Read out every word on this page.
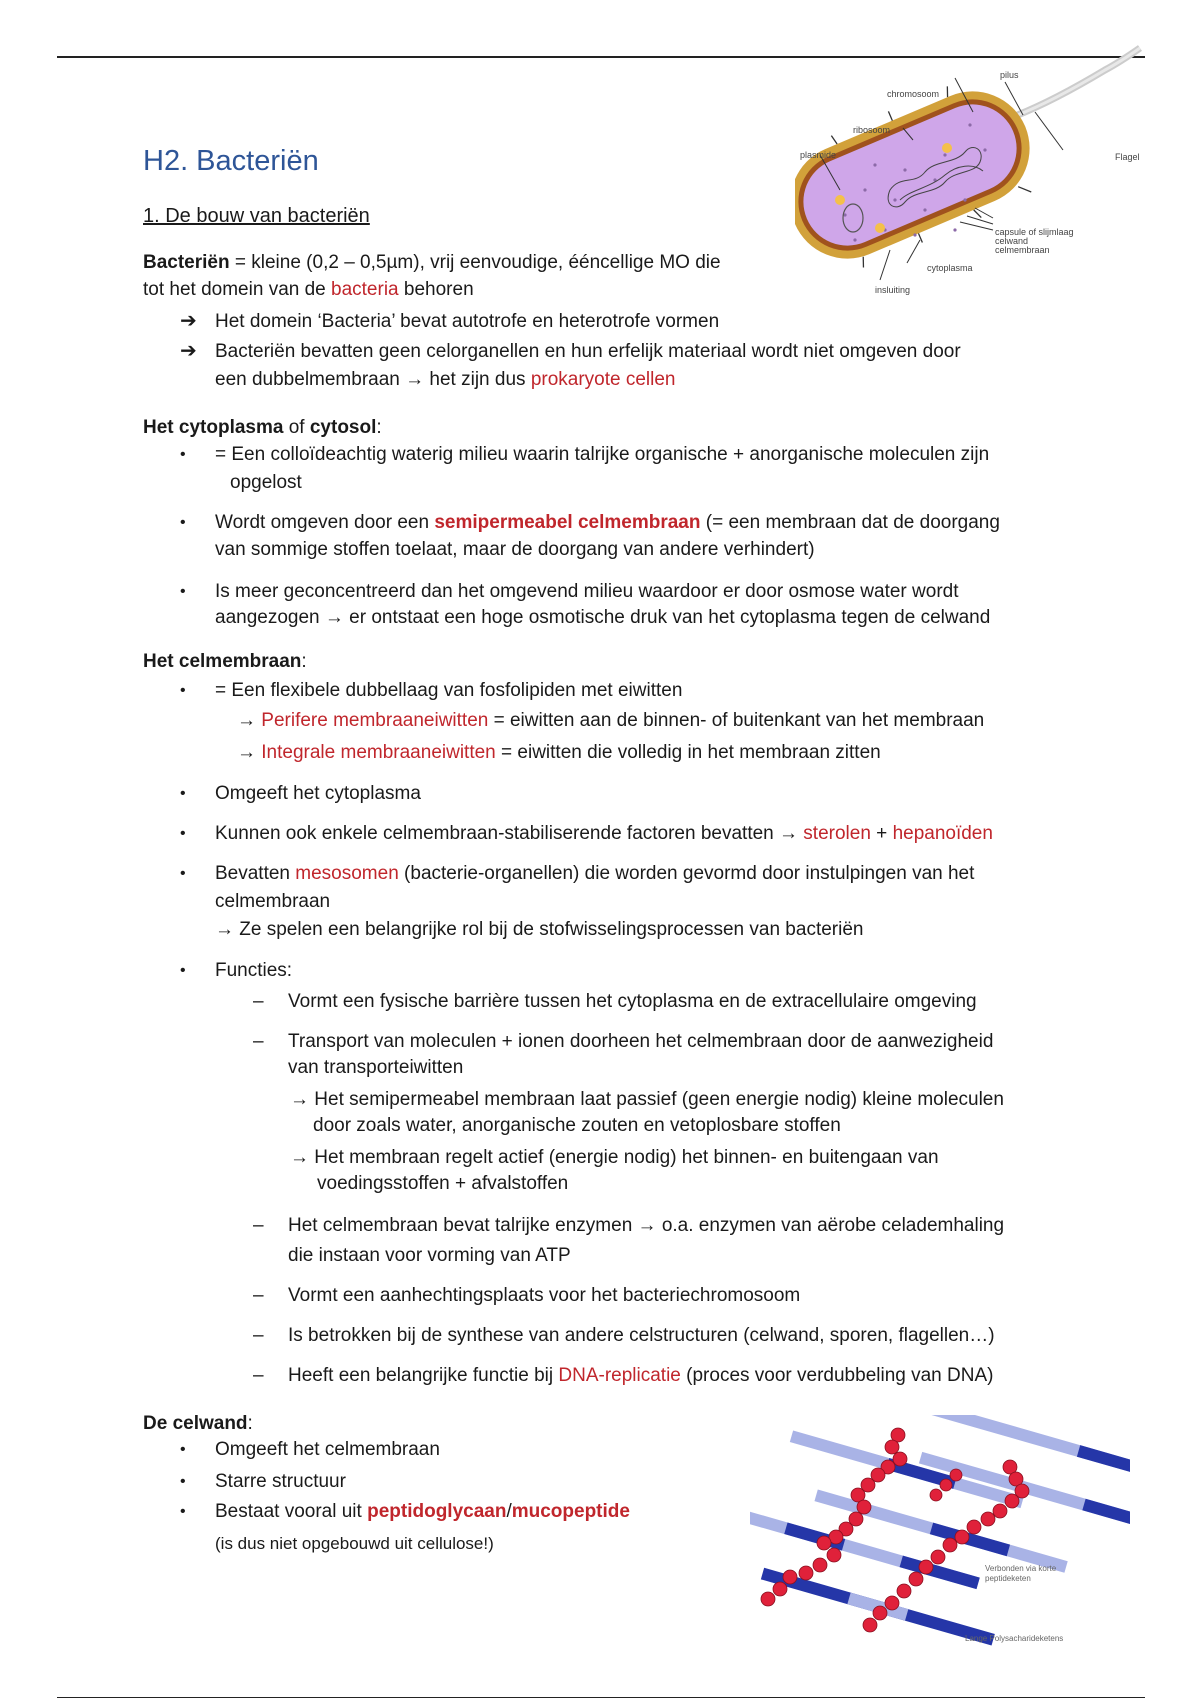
pilus
chromosoom
ribosoom
plasmide	Flagel
capsule of slijmlaag
celwand
celmembraan
cytoplasma
insluiting
H2. Bacteriën
1. De bouw van bacteriën
Bacteriën = kleine (0,2 – 0,5µm), vrij eenvoudige, ééncellige MO die
tot het domein van de bacteria behoren
➔ Het domein ‘Bacteria’ bevat autotrofe en heterotrofe vormen
➔ Bacteriën bevatten geen celorganellen en hun erfelijk materiaal wordt niet omgeven door
een dubbelmembraan → het zijn dus prokaryote cellen
Het cytoplasma of cytosol:
• = Een colloïdeachtig waterig milieu waarin talrijke organische + anorganische moleculen zijn
opgelost
• Wordt omgeven door een semipermeabel celmembraan (= een membraan dat de doorgang
van sommige stoffen toelaat, maar de doorgang van andere verhindert)
• Is meer geconcentreerd dan het omgevend milieu waardoor er door osmose water wordt
aangezogen → er ontstaat een hoge osmotische druk van het cytoplasma tegen de celwand
Het celmembraan:
• = Een flexibele dubbellaag van fosfolipiden met eiwitten
→ Perifere membraaneiwitten = eiwitten aan de binnen- of buitenkant van het membraan
→ Integrale membraaneiwitten = eiwitten die volledig in het membraan zitten
• Omgeeft het cytoplasma
• Kunnen ook enkele celmembraan-stabiliserende factoren bevatten → sterolen + hepanoïden
• Bevatten mesosomen (bacterie-organellen) die worden gevormd door instulpingen van het
celmembraan
→ Ze spelen een belangrijke rol bij de stofwisselingsprocessen van bacteriën
• Functies:
– Vormt een fysische barrière tussen het cytoplasma en de extracellulaire omgeving
– Transport van moleculen + ionen doorheen het celmembraan door de aanwezigheid
van transporteiwitten
→ Het semipermeabel membraan laat passief (geen energie nodig) kleine moleculen
door zoals water, anorganische zouten en vetoplosbare stoffen
→ Het membraan regelt actief (energie nodig) het binnen- en buitengaan van
voedingsstoffen + afvalstoffen
– Het celmembraan bevat talrijke enzymen → o.a. enzymen van aërobe celademhaling
die instaan voor vorming van ATP
– Vormt een aanhechtingsplaats voor het bacteriechromosoom
– Is betrokken bij de synthese van andere celstructuren (celwand, sporen, flagellen…)
– Heeft een belangrijke functie bij DNA-replicatie (proces voor verdubbeling van DNA)
De celwand:
• Omgeeft het celmembraan
• Starre structuur
• Bestaat vooral uit peptidoglycaan/mucopeptide
(is dus niet opgebouwd uit cellulose!)
Verbonden via korte
peptideketen
Lange Polysacharideketens
